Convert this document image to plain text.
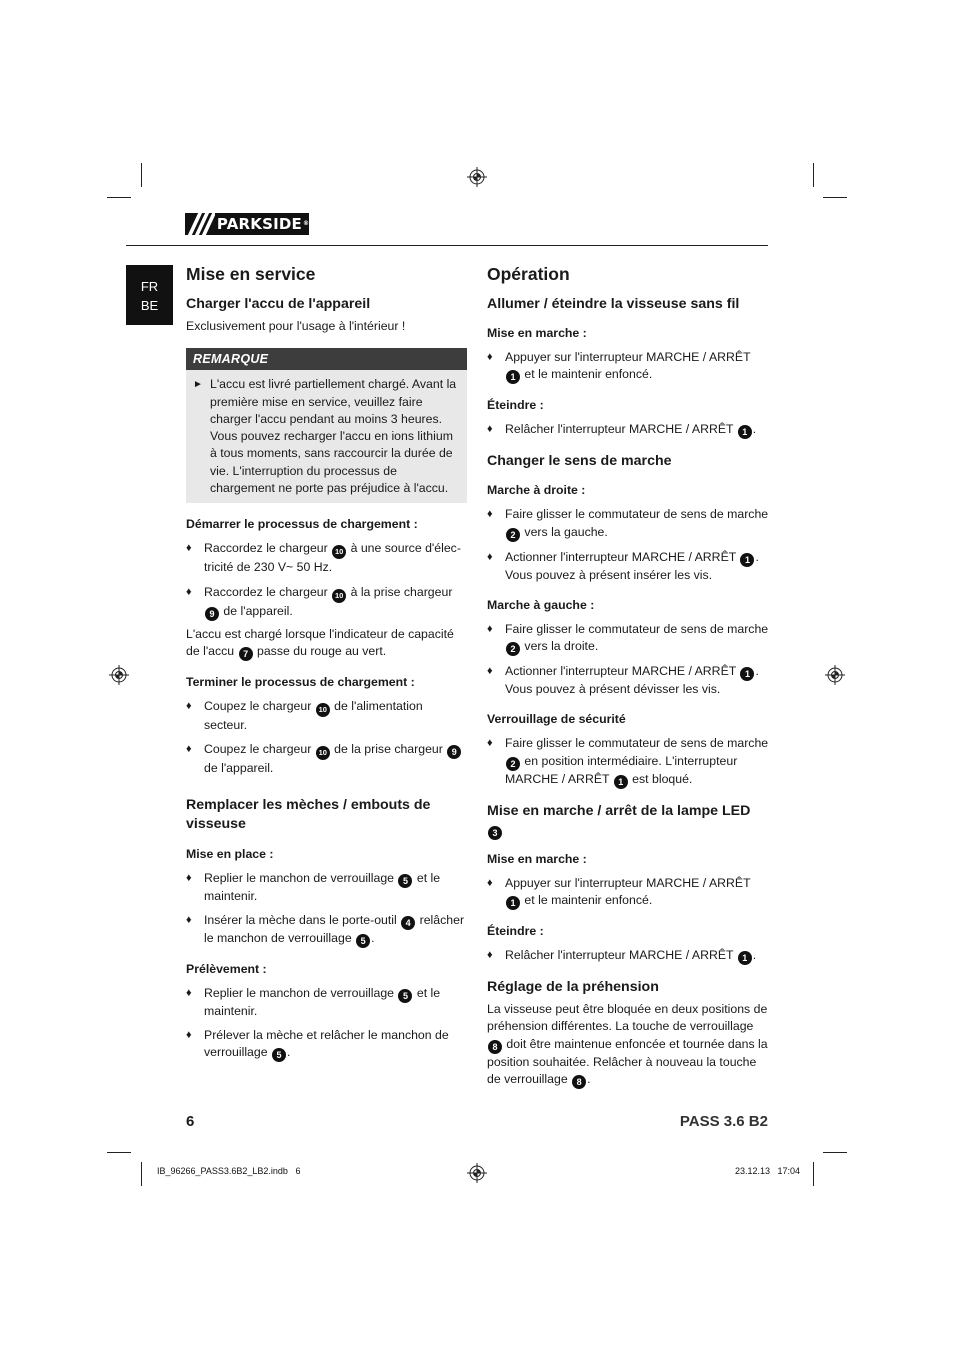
PARKSIDE ®
FR
BE
Mise en service
Charger l'accu de l'appareil

Exclusivement pour l'usage à l'intérieur !

REMARQUE
► L'accu est livré partiellement chargé. Avant la première mise en service, veuillez faire charger l'accu pendant au moins 3 heures. Vous pouvez recharger l'accu en ions lithium à tous moments, sans raccourcir la durée de vie. L'interruption du processus de chargement ne porte pas préjudice à l'accu.
Démarrer le processus de chargement :
♦	Raccordez le chargeur 10 à une source d'élec-tricité de 230 V~ 50 Hz.
♦	Raccordez le chargeur 10 à la prise chargeur 9 de l'appareil.

L'accu est chargé lorsque l'indicateur de capacité de l'accu 7 passe du rouge au vert.

Terminer le processus de chargement :
♦	Coupez le chargeur 10 de l'alimentation secteur.
♦	Coupez le chargeur 10 de la prise chargeur 9 de l'appareil.
Remplacer les mèches / embouts de visseuse
Mise en place :
♦	Replier le manchon de verrouillage 5 et le maintenir.
♦	Insérer la mèche dans le porte-outil 4 relâcher le manchon de verrouillage 5 .
Prélèvement :
♦	Replier le manchon de verrouillage 5 et le maintenir.
♦	Prélever la mèche et relâcher le manchon de verrouillage 5 .
Opération
Allumer / éteindre la visseuse sans fil
Mise en marche :
♦	Appuyer sur l'interrupteur MARCHE / ARRÊT 1 et le maintenir enfoncé.
Éteindre :
♦	Relâcher l'interrupteur MARCHE / ARRÊT 1 .
Changer le sens de marche
Marche à droite :
♦	Faire glisser le commutateur de sens de marche 2 vers la gauche.
♦	Actionner l'interrupteur MARCHE / ARRÊT 1 . Vous pouvez à présent insérer les vis.
Marche à gauche :
♦	Faire glisser le commutateur de sens de marche 2 vers la droite.
♦	Actionner l'interrupteur MARCHE / ARRÊT 1 . Vous pouvez à présent dévisser les vis.
Verrouillage de sécurité
♦	Faire glisser le commutateur de sens de marche 2 en position intermédiaire. L'interrupteur MARCHE / ARRÊT 1 est bloqué.
Mise en marche / arrêt de la lampe LED 3
Mise en marche :
♦	Appuyer sur l'interrupteur MARCHE / ARRÊT 1 et le maintenir enfoncé.
Éteindre :
♦	Relâcher l'interrupteur MARCHE / ARRÊT 1 .
Réglage de la préhension

La visseuse peut être bloquée en deux positions de préhension différentes. La touche de verrouillage 8 doit être maintenue enfoncée et tournée dans la position souhaitée. Relâcher à nouveau la touche de verrouillage 8 .

6	PASS 3.6 B2
IB_96266_PASS3.6B2_LB2.indb   6	23.12.13   17:04
